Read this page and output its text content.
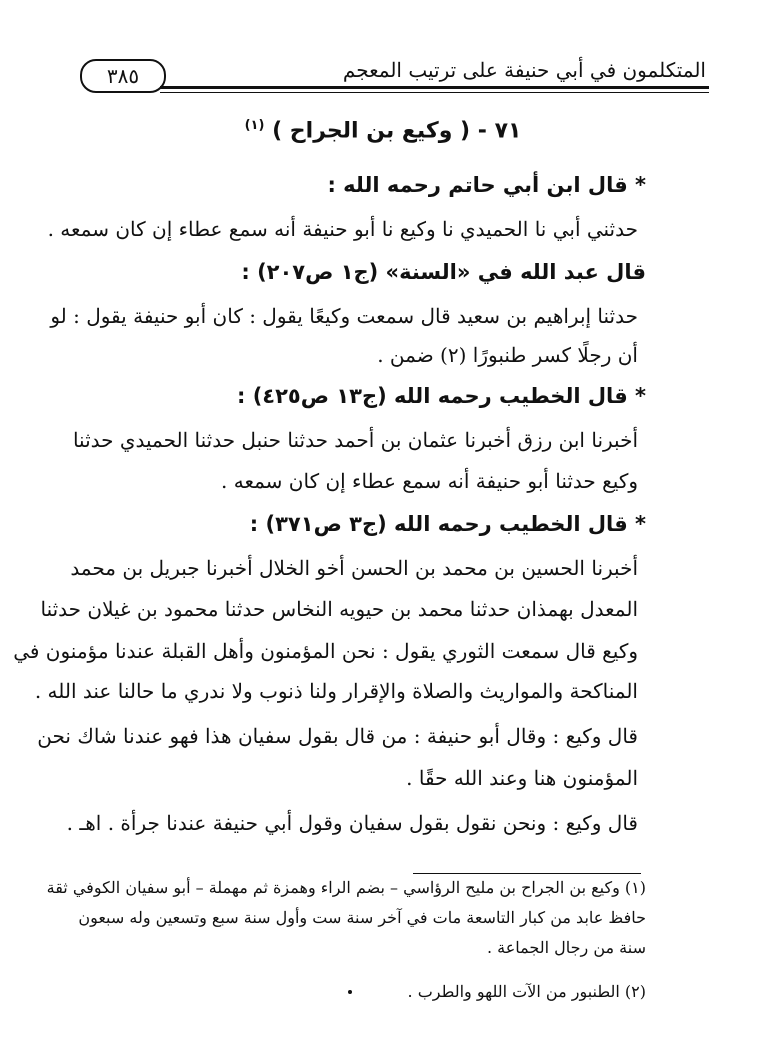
المتكلمون في أبي حنيفة على ترتيب المعجم
٣٨٥
٧١ - ( وكيع بن الجراح ) $^{(١)}$
* قال ابن أبي حاتم رحمه الله :
حدثني أبي نا الحميدي نا وكيع نا أبو حنيفة أنه سمع عطاء إن كان سمعه .
قال عبد الله في «السنة» (ج١ ص٢٠٧) :
حدثنا إبراهيم بن سعيد قال سمعت وكيعًا يقول : كان أبو حنيفة يقول : لو
أن رجلًا كسر طنبورًا (٢) ضمن .
* قال الخطيب رحمه الله (ج١٣ ص٤٢٥) :
أخبرنا ابن رزق أخبرنا عثمان بن أحمد حدثنا حنبل حدثنا الحميدي حدثنا
وكيع حدثنا أبو حنيفة أنه سمع عطاء إن كان سمعه .
* قال الخطيب رحمه الله (ج٣ ص٣٧١) :
أخبرنا الحسين بن محمد بن الحسن أخو الخلال أخبرنا جبريل بن محمد
المعدل بهمذان حدثنا محمد بن حيويه النخاس حدثنا محمود بن غيلان حدثنا
وكيع قال سمعت الثوري يقول : نحن المؤمنون وأهل القبلة عندنا مؤمنون في
المناكحة والمواريث والصلاة والإقرار ولنا ذنوب ولا ندري ما حالنا عند الله .
قال وكيع : وقال أبو حنيفة : من قال بقول سفيان هذا فهو عندنا شاك نحن
المؤمنون هنا وعند الله حقًا .
قال وكيع : ونحن نقول بقول سفيان وقول أبي حنيفة عندنا جرأة . اهـ .
(١) وكيع بن الجراح بن مليح الرؤاسي – بضم الراء وهمزة ثم مهملة – أبو سفيان الكوفي ثقة
حافظ عابد من كبار التاسعة مات في آخر سنة ست وأول سنة سبع وتسعين وله سبعون
سنة من رجال الجماعة .
(٢) الطنبور من الآت اللهو والطرب .
